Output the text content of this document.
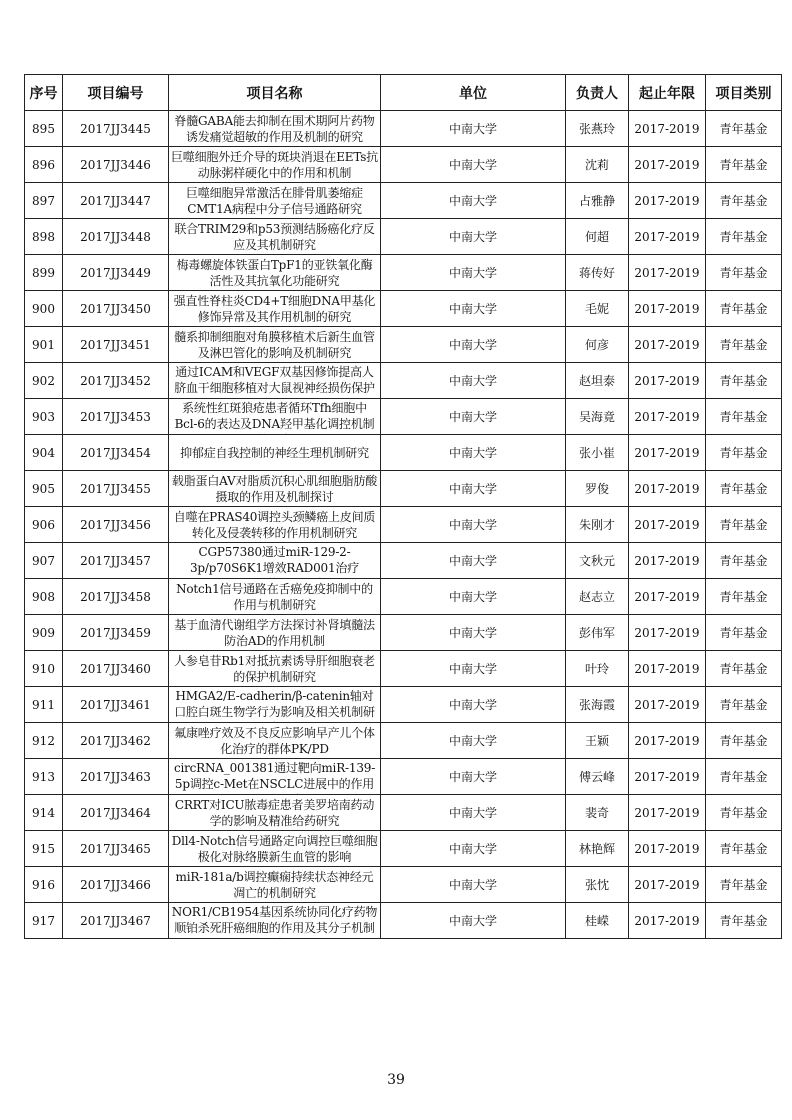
序号	项目编号	项目名称	单位	负责人	起止年限	项目类别
895	2017JJ3445	脊髓GABA能去抑制在围术期阿片药物诱发痛觉超敏的作用及机制的研究	中南大学	张燕玲	2017-2019	青年基金
896	2017JJ3446	巨噬细胞外迁介导的斑块消退在EETs抗动脉粥样硬化中的作用和机制	中南大学	沈莉	2017-2019	青年基金
897	2017JJ3447	巨噬细胞异常激活在腓骨肌萎缩症CMT1A病程中分子信号通路研究	中南大学	占雅静	2017-2019	青年基金
898	2017JJ3448	联合TRIM29和p53预测结肠癌化疗反应及其机制研究	中南大学	何超	2017-2019	青年基金
899	2017JJ3449	梅毒螺旋体铁蛋白TpF1的亚铁氧化酶活性及其抗氧化功能研究	中南大学	蒋传好	2017-2019	青年基金
900	2017JJ3450	强直性脊柱炎CD4+T细胞DNA甲基化修饰异常及其作用机制的研究	中南大学	毛妮	2017-2019	青年基金
901	2017JJ3451	髓系抑制细胞对角膜移植术后新生血管及淋巴管化的影响及机制研究	中南大学	何彦	2017-2019	青年基金
902	2017JJ3452	通过ICAM和VEGF双基因修饰提高人脐血干细胞移植对大鼠视神经损伤保护	中南大学	赵坦泰	2017-2019	青年基金
903	2017JJ3453	系统性红斑狼疮患者循环Tfh细胞中Bcl-6的表达及DNA羟甲基化调控机制	中南大学	吴海竟	2017-2019	青年基金
904	2017JJ3454	抑郁症自我控制的神经生理机制研究	中南大学	张小崔	2017-2019	青年基金
905	2017JJ3455	载脂蛋白AV对脂质沉积心肌细胞脂肪酸摄取的作用及机制探讨	中南大学	罗俊	2017-2019	青年基金
906	2017JJ3456	自噬在PRAS40调控头颈鳞癌上皮间质转化及侵袭转移的作用机制研究	中南大学	朱刚才	2017-2019	青年基金
907	2017JJ3457	CGP57380通过miR-129-2-3p/p70S6K1增效RAD001治疗	中南大学	文秋元	2017-2019	青年基金
908	2017JJ3458	Notch1信号通路在舌癌免疫抑制中的作用与机制研究	中南大学	赵志立	2017-2019	青年基金
909	2017JJ3459	基于血清代谢组学方法探讨补肾填髓法防治AD的作用机制	中南大学	彭伟军	2017-2019	青年基金
910	2017JJ3460	人参皂苷Rb1对抵抗素诱导肝细胞衰老的保护机制研究	中南大学	叶玲	2017-2019	青年基金
911	2017JJ3461	HMGA2/E-cadherin/β-catenin轴对口腔白斑生物学行为影响及相关机制研	中南大学	张海霞	2017-2019	青年基金
912	2017JJ3462	氟康唑疗效及不良反应影响早产儿个体化治疗的群体PK/PD	中南大学	王颖	2017-2019	青年基金
913	2017JJ3463	circRNA_001381通过靶向miR-139-5p调控c-Met在NSCLC进展中的作用	中南大学	傅云峰	2017-2019	青年基金
914	2017JJ3464	CRRT对ICU脓毒症患者美罗培南药动学的影响及精准给药研究	中南大学	裴奇	2017-2019	青年基金
915	2017JJ3465	Dll4-Notch信号通路定向调控巨噬细胞极化对脉络膜新生血管的影响	中南大学	林艳辉	2017-2019	青年基金
916	2017JJ3466	miR-181a/b调控癫痫持续状态神经元凋亡的机制研究	中南大学	张忱	2017-2019	青年基金
917	2017JJ3467	NOR1/CB1954基因系统协同化疗药物顺铂杀死肝癌细胞的作用及其分子机制	中南大学	桂嵘	2017-2019	青年基金
39
